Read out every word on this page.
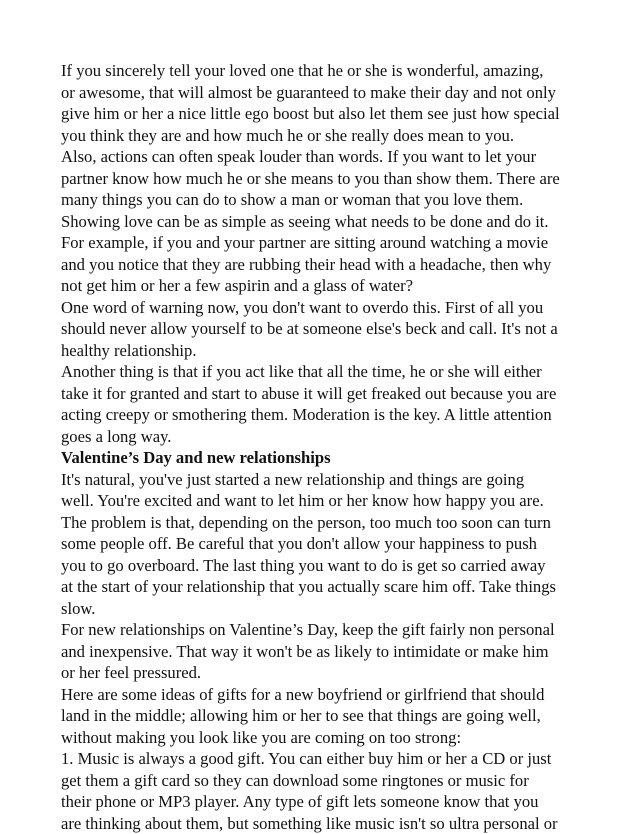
If you sincerely tell your loved one that he or she is wonderful, amazing,
or awesome, that will almost be guaranteed to make their day and not only
give him or her a nice little ego boost but also let them see just how special
you think they are and how much he or she really does mean to you.
Also, actions can often speak louder than words. If you want to let your
partner know how much he or she means to you than show them. There are
many things you can do to show a man or woman that you love them.
Showing love can be as simple as seeing what needs to be done and do it.
For example, if you and your partner are sitting around watching a movie
and you notice that they are rubbing their head with a headache, then why
not get him or her a few aspirin and a glass of water?
One word of warning now, you don't want to overdo this. First of all you
should never allow yourself to be at someone else's beck and call. It's not a
healthy relationship.
Another thing is that if you act like that all the time, he or she will either
take it for granted and start to abuse it will get freaked out because you are
acting creepy or smothering them. Moderation is the key. A little attention
goes a long way.
Valentine’s Day and new relationships
It's natural, you've just started a new relationship and things are going
well. You're excited and want to let him or her know how happy you are.
The problem is that, depending on the person, too much too soon can turn
some people off. Be careful that you don't allow your happiness to push
you to go overboard. The last thing you want to do is get so carried away
at the start of your relationship that you actually scare him off. Take things
slow.
For new relationships on Valentine’s Day, keep the gift fairly non personal
and inexpensive. That way it won't be as likely to intimidate or make him
or her feel pressured.
Here are some ideas of gifts for a new boyfriend or girlfriend that should
land in the middle; allowing him or her to see that things are going well,
without making you look like you are coming on too strong:
1. Music is always a good gift. You can either buy him or her a CD or just
get them a gift card so they can download some ringtones or music for
their phone or MP3 player. Any type of gift lets someone know that you
are thinking about them, but something like music isn't so ultra personal or
